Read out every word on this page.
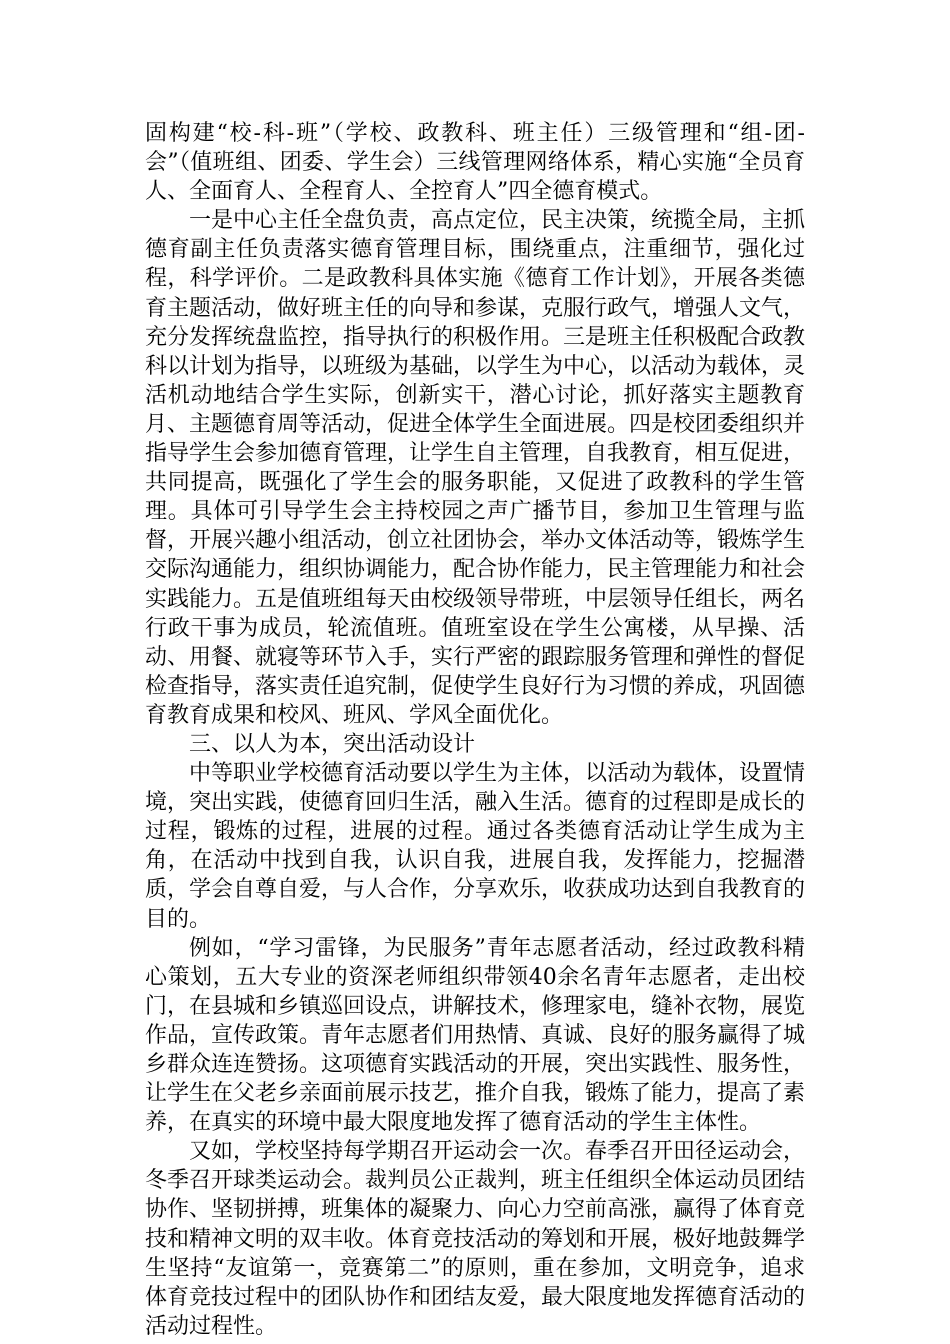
固构建“校-科-班”（学校、政教科、班主任）三级管理和“组-团-会”（值班组、团委、学生会）三线管理网络体系，精心实施“全员育人、全面育人、全程育人、全控育人”四全德育模式。

一是中心主任全盘负责，高点定位，民主决策，统揽全局，主抓德育副主任负责落实德育管理目标，围绕重点，注重细节，强化过程，科学评价。二是政教科具体实施《德育工作计划》，开展各类德育主题活动，做好班主任的向导和参谋，克服行政气，增强人文气，充分发挥统盘监控，指导执行的积极作用。三是班主任积极配合政教科以计划为指导，以班级为基础，以学生为中心，以活动为载体，灵活机动地结合学生实际，创新实干，潜心讨论，抓好落实主题教育月、主题德育周等活动，促进全体学生全面进展。四是校团委组织并指导学生会参加德育管理，让学生自主管理，自我教育，相互促进，共同提高，既强化了学生会的服务职能，又促进了政教科的学生管理。具体可引导学生会主持校园之声广播节目，参加卫生管理与监督，开展兴趣小组活动，创立社团协会，举办文体活动等，锻炼学生交际沟通能力，组织协调能力，配合协作能力，民主管理能力和社会实践能力。五是值班组每天由校级领导带班，中层领导任组长，两名行政干事为成员，轮流值班。值班室设在学生公寓楼，从早操、活动、用餐、就寝等环节入手，实行严密的跟踪服务管理和弹性的督促检查指导，落实责任追究制，促使学生良好行为习惯的养成，巩固德育教育成果和校风、班风、学风全面优化。

三、以人为本，突出活动设计

中等职业学校德育活动要以学生为主体，以活动为载体，设置情境，突出实践，使德育回归生活，融入生活。德育的过程即是成长的过程，锻炼的过程，进展的过程。通过各类德育活动让学生成为主角，在活动中找到自我，认识自我，进展自我，发挥能力，挖掘潜质，学会自尊自爱，与人合作，分享欢乐，收获成功达到自我教育的目的。

例如，“学习雷锋，为民服务”青年志愿者活动，经过政教科精心策划，五大专业的资深老师组织带领40余名青年志愿者，走出校门，在县城和乡镇巡回设点，讲解技术，修理家电，缝补衣物，展览作品，宣传政策。青年志愿者们用热情、真诚、良好的服务赢得了城乡群众连连赞扬。这项德育实践活动的开展，突出实践性、服务性，让学生在父老乡亲面前展示技艺，推介自我，锻炼了能力，提高了素养，在真实的环境中最大限度地发挥了德育活动的学生主体性。

又如，学校坚持每学期召开运动会一次。春季召开田径运动会，冬季召开球类运动会。裁判员公正裁判，班主任组织全体运动员团结协作、坚韧拼搏，班集体的凝聚力、向心力空前高涨，赢得了体育竞技和精神文明的双丰收。体育竞技活动的筹划和开展，极好地鼓舞学生坚持“友谊第一，竞赛第二”的原则，重在参加，文明竞争，追求体育竞技过程中的团队协作和团结友爱，最大限度地发挥德育活动的活动过程性。
